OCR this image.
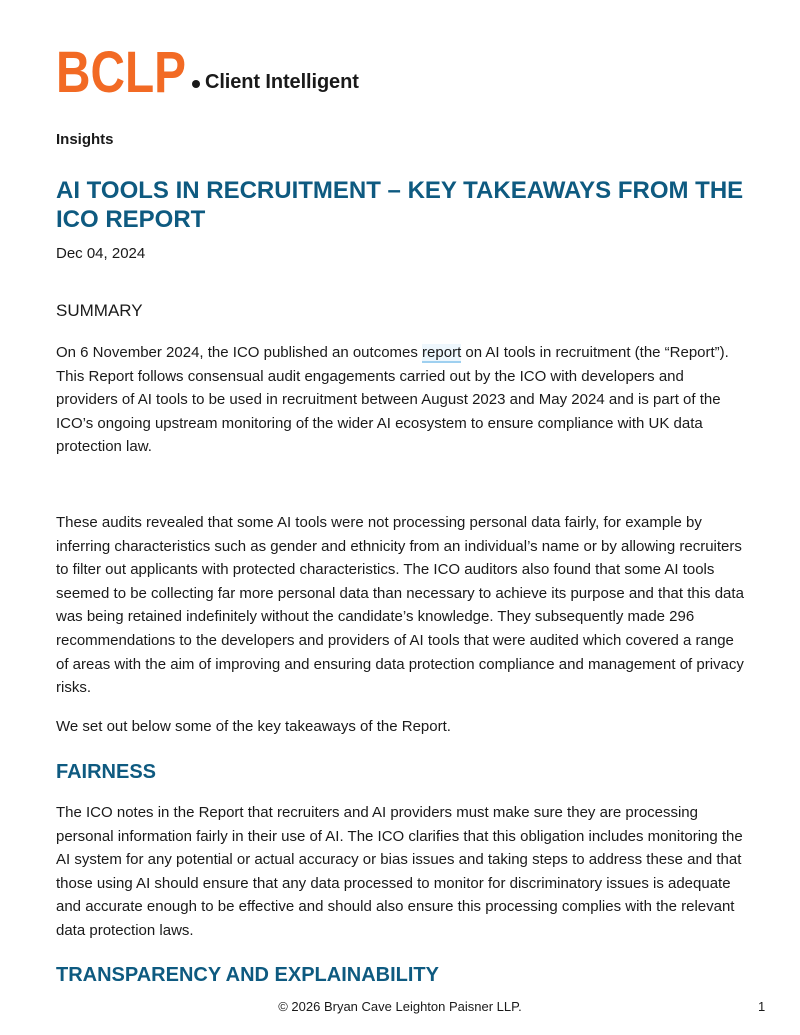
BCLP Client Intelligent

Insights

AI TOOLS IN RECRUITMENT – KEY TAKEAWAYS FROM THE ICO REPORT

Dec 04, 2024

SUMMARY

On 6 November 2024, the ICO published an outcomes report on AI tools in recruitment (the “Report”). This Report follows consensual audit engagements carried out by the ICO with developers and providers of AI tools to be used in recruitment between August 2023 and May 2024 and is part of the ICO’s ongoing upstream monitoring of the wider AI ecosystem to ensure compliance with UK data protection law.

These audits revealed that some AI tools were not processing personal data fairly, for example by inferring characteristics such as gender and ethnicity from an individual’s name or by allowing recruiters to filter out applicants with protected characteristics. The ICO auditors also found that some AI tools seemed to be collecting far more personal data than necessary to achieve its purpose and that this data was being retained indefinitely without the candidate’s knowledge. They subsequently made 296 recommendations to the developers and providers of AI tools that were audited which covered a range of areas with the aim of improving and ensuring data protection compliance and management of privacy risks.

We set out below some of the key takeaways of the Report.

FAIRNESS

The ICO notes in the Report that recruiters and AI providers must make sure they are processing personal information fairly in their use of AI. The ICO clarifies that this obligation includes monitoring the AI system for any potential or actual accuracy or bias issues and taking steps to address these and that those using AI should ensure that any data processed to monitor for discriminatory issues is adequate and accurate enough to be effective and should also ensure this processing complies with the relevant data protection laws.

TRANSPARENCY AND EXPLAINABILITY
© 2026 Bryan Cave Leighton Paisner LLP.	1
